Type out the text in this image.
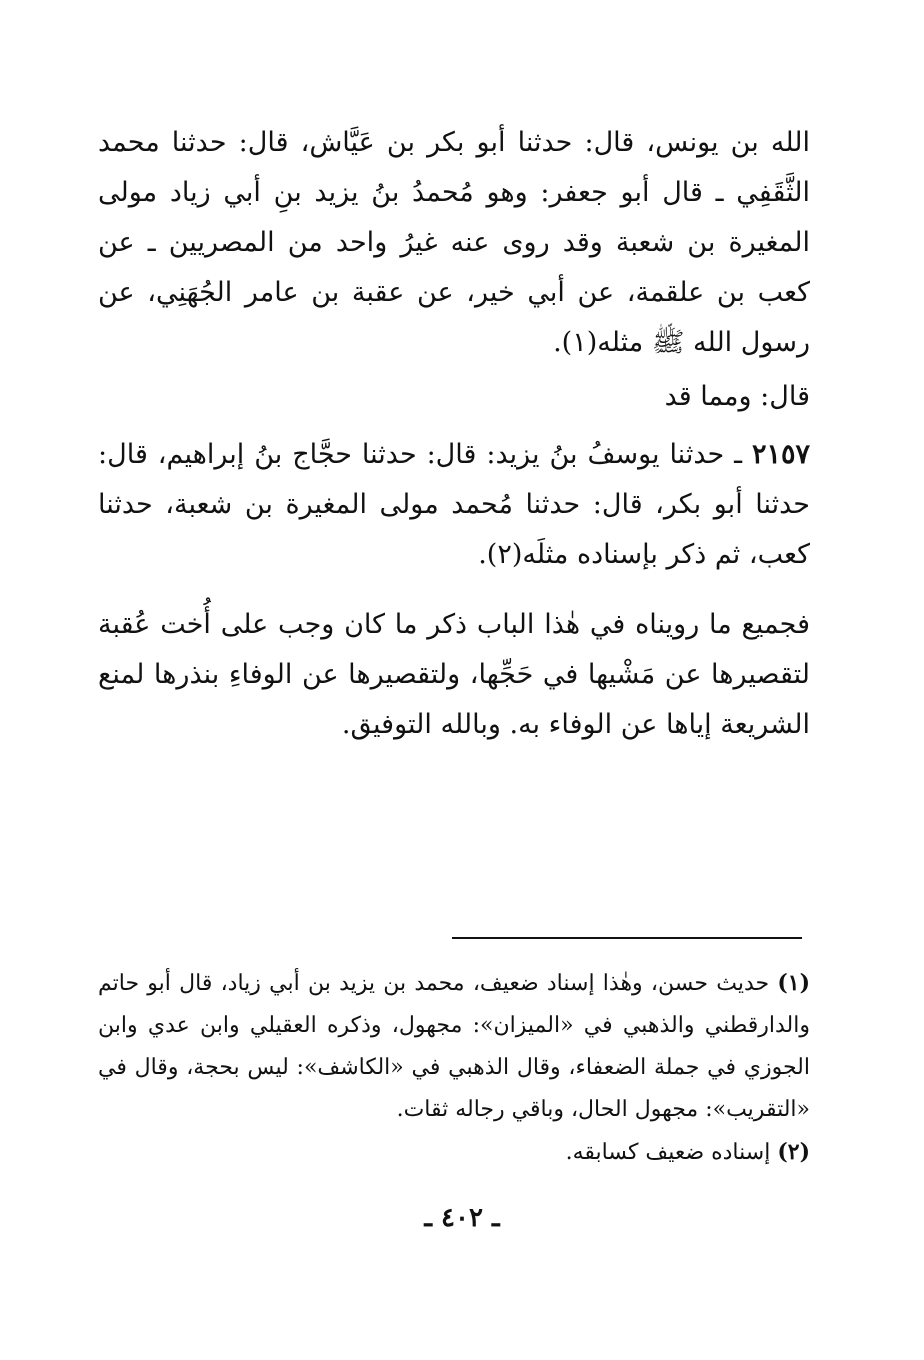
الله بن يونس، قال: حدثنا أبو بكر بن عَيَّاش، قال: حدثنا محمد الثَّقَفِي ـ قال أبو جعفر: وهو مُحمدُ بنُ يزيد بنِ أبي زياد مولى المغيرة بن شعبة وقد روى عنه غيرُ واحد من المصريين ـ عن كعب بن علقمة، عن أبي خير، عن عقبة بن عامر الجُهَنِي، عن رسول الله ﷺ مثله(١).

قال: ومما قد

٢١٥٧ ـ حدثنا يوسفُ بنُ يزيد: قال: حدثنا حجَّاج بنُ إبراهيم، قال: حدثنا أبو بكر، قال: حدثنا مُحمد مولى المغيرة بن شعبة، حدثنا كعب، ثم ذكر بإسناده مثلَه(٢).

فجميع ما رويناه في هٰذا الباب ذكر ما كان وجب على أُخت عُقبة لتقصيرها عن مَشْيها في حَجِّها، ولتقصيرها عن الوفاءِ بنذرها لمنع الشريعة إياها عن الوفاء به. وبالله التوفيق.

(١) حديث حسن، وهٰذا إسناد ضعيف، محمد بن يزيد بن أبي زياد، قال أبو حاتم والدارقطني والذهبي في «الميزان»: مجهول، وذكره العقيلي وابن عدي وابن الجوزي في جملة الضعفاء، وقال الذهبي في «الكاشف»: ليس بحجة، وقال في «التقريب»: مجهول الحال، وباقي رجاله ثقات.

(٢) إسناده ضعيف كسابقه.

ـ ٤٠٢ ـ
